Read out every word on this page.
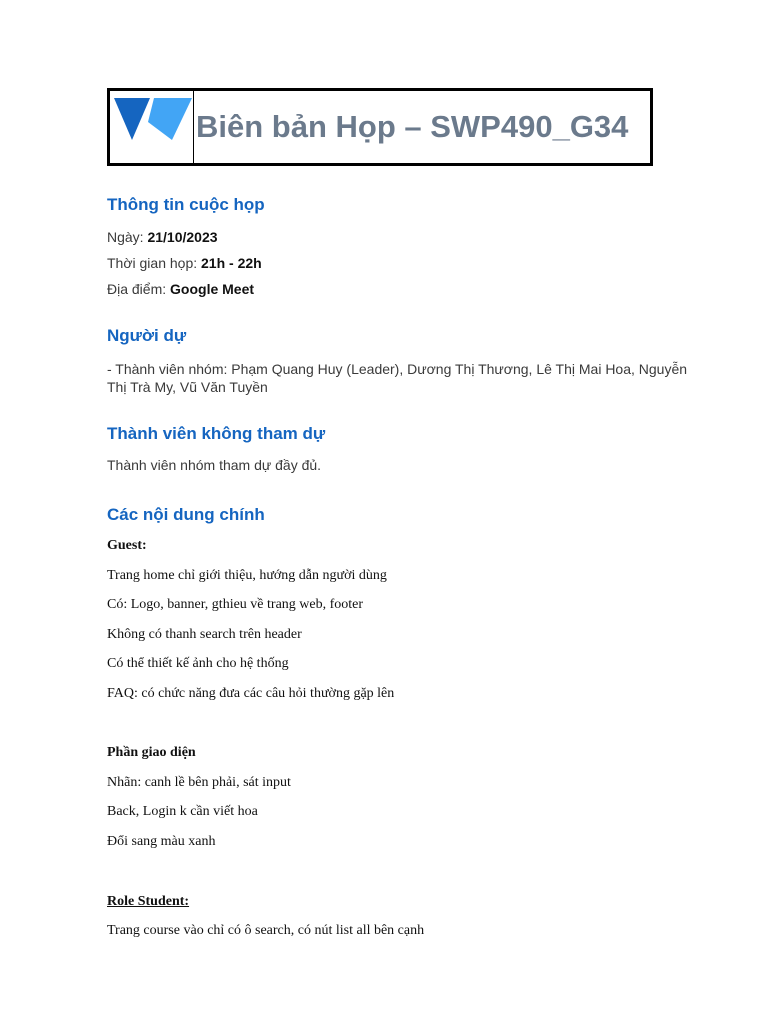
Biên bản Họp – SWP490_G34
Thông tin cuộc họp

Ngày: 21/10/2023

Thời gian họp: 21h - 22h

Địa điểm: Google Meet

Người dự

- Thành viên nhóm: Phạm Quang Huy (Leader), Dương Thị Thương, Lê Thị Mai Hoa, Nguyễn Thị Trà My, Vũ Văn Tuyền

Thành viên không tham dự

Thành viên nhóm tham dự đầy đủ.

Các nội dung chính

Guest:

Trang home chỉ giới thiệu, hướng dẫn người dùng

Có: Logo, banner, gthieu về trang web, footer

Không có thanh search trên header

Có thể thiết kế ảnh cho hệ thống

FAQ: có chức năng đưa các câu hỏi thường gặp lên

Phần giao diện

Nhãn: canh lề bên phải, sát input

Back, Login k cần viết hoa

Đổi sang màu xanh

Role Student:

Trang course vào chỉ có ô search, có nút list all bên cạnh
